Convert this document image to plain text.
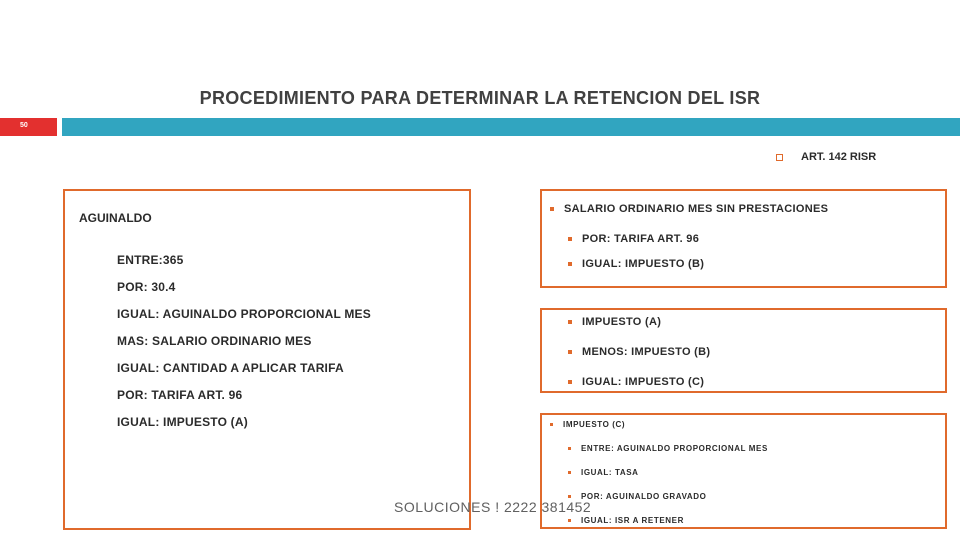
PROCEDIMIENTO PARA DETERMINAR LA RETENCION DEL ISR
50
ART. 142 RISR
AGUINALDO
ENTRE:365
POR: 30.4
IGUAL: AGUINALDO PROPORCIONAL MES
MAS: SALARIO ORDINARIO MES
IGUAL: CANTIDAD A APLICAR TARIFA
POR: TARIFA ART. 96
IGUAL: IMPUESTO (A)
SALARIO ORDINARIO MES SIN PRESTACIONES
POR: TARIFA ART. 96
IGUAL: IMPUESTO (B)
IMPUESTO (A)
MENOS: IMPUESTO (B)
IGUAL: IMPUESTO (C)
IMPUESTO (C)
ENTRE: AGUINALDO PROPORCIONAL MES
IGUAL: TASA
POR: AGUINALDO GRAVADO
IGUAL: ISR A RETENER
SOLUCIONES ! 2222 381452
